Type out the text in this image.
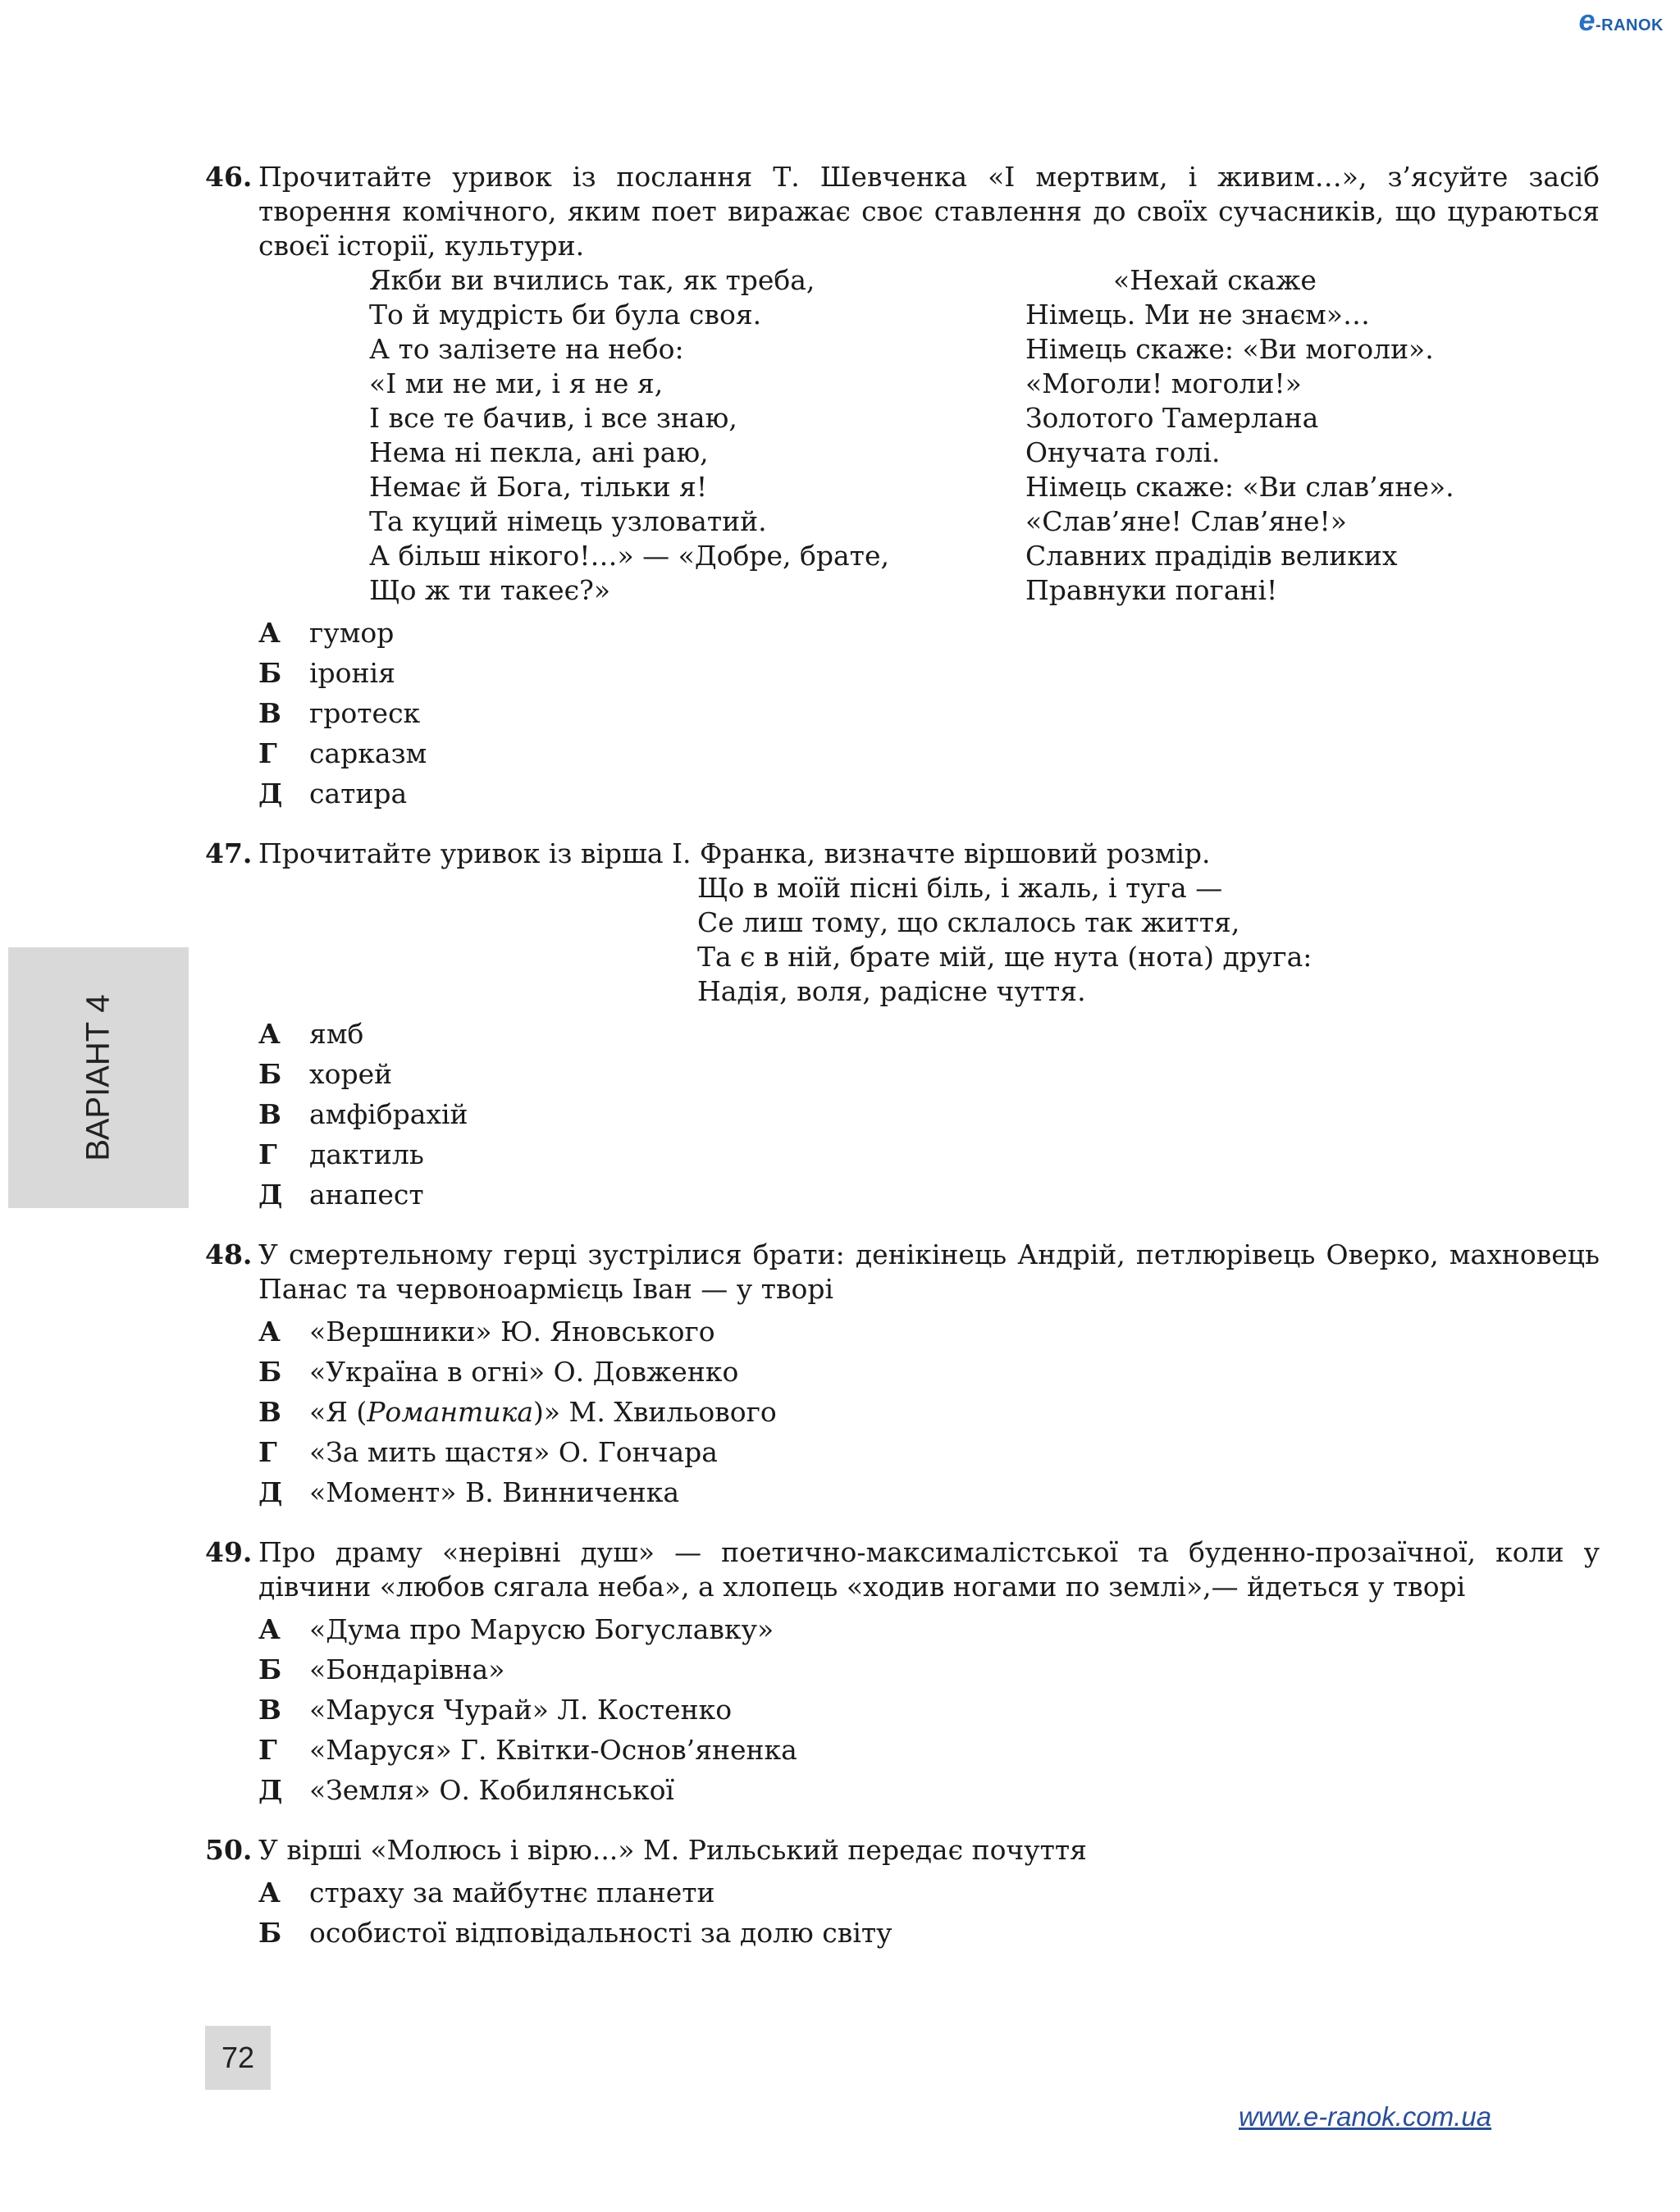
e-RANOK
ВАРІАНТ 4
46. Прочитайте уривок із послання Т. Шевченка «І мертвим, і живим…», з’ясуйте засіб творення комічного, яким поет виражає своє ставлення до своїх сучасників, що цураються своєї історії, культури.
Якби ви вчились так, як треба,
То й мудрість би була своя.
А то залізете на небо:
«І ми не ми, і я не я,
І все те бачив, і все знаю,
Нема ні пекла, ані раю,
Немає й Бога, тільки я!
Та куций німець узловатий.
А більш нікого!…» — «Добре, брате,
Що ж ти такеє?»
«Нехай скаже
Німець. Ми не знаєм»…
Німець скаже: «Ви моголи».
«Моголи! моголи!»
Золотого Тамерлана
Онучата голі.
Німець скаже: «Ви слав’яне».
«Слав’яне! Слав’яне!»
Славних прадідів великих
Правнуки погані!
А	гумор
Б	іронія
В	гротеск
Г	сарказм
Д сатира
47. Прочитайте уривок із вірша І. Франка, визначте віршовий розмір.
Що в моїй пісні біль, і жаль, і туга —
Се лиш тому, що склалось так життя,
Та є в ній, брате мій, ще нута (нота) друга:
Надія, воля, радісне чуття.
А	ямб
Б	хорей
В	амфібрахій
Г	дактиль
Д анапест
48. У смертельному герці зустрілися брати: денікінець Андрій, петлюрівець Оверко, махновець Панас та червоноармієць Іван — у творі
А	«Вершники» Ю. Яновського
Б	«Україна в огні» О. Довженко
В	«Я (Романтика)» М. Хвильового
Г	«За мить щастя» О. Гончара
Д «Момент» В. Винниченка
49. Про драму «нерівні душ» — поетично-максималістської та буденно-прозаїчної, коли у дівчини «любов сягала неба», а хлопець «ходив ногами по землі»,— йдеться у творі
А	«Дума про Марусю Богуславку»
Б	«Бондарівна»
В	«Маруся Чурай» Л. Костенко
Г	«Маруся» Г. Квітки-Основ’яненка
Д «Земля» О. Кобилянської
50. У вірші «Молюсь і вірю...» М. Рильський передає почуття
А	страху за майбутнє планети
Б	особистої відповідальності за долю світу
72
www.e-ranok.com.ua
